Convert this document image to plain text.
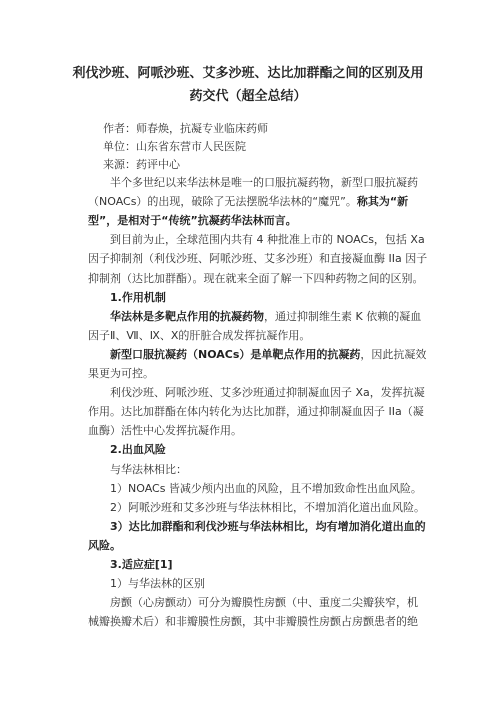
利伐沙班、阿哌沙班、艾多沙班、达比加群酯之间的区别及用
药交代（超全总结）
作者：师春焕，抗凝专业临床药师
单位：山东省东营市人民医院
来源：药评中心
　　半个多世纪以来华法林是唯一的口服抗凝药物，新型口服抗凝药
（NOACs）的出现，破除了无法摆脱华法林的“魔咒”。称其为“新
型”，是相对于“传统”抗凝药华法林而言。
　　到目前为止，全球范围内共有 4 种批准上市的 NOACs，包括 Xa
因子抑制剂（利伐沙班、阿哌沙班、艾多沙班）和直接凝血酶 IIa 因子
抑制剂（达比加群酯）。现在就来全面了解一下四种药物之间的区别。
　　1.作用机制
　　华法林是多靶点作用的抗凝药物，通过抑制维生素 K 依赖的凝血
因子Ⅱ、Ⅶ、Ⅸ、Ⅹ的肝脏合成发挥抗凝作用。
　　新型口服抗凝药（NOACs）是单靶点作用的抗凝药，因此抗凝效
果更为可控。
　　利伐沙班、阿哌沙班、艾多沙班通过抑制凝血因子 Xa，发挥抗凝
作用。达比加群酯在体内转化为达比加群，通过抑制凝血因子 IIa（凝
血酶）活性中心发挥抗凝作用。
　　2.出血风险
　　与华法林相比：
　　1）NOACs 皆减少颅内出血的风险，且不增加致命性出血风险。
　　2）阿哌沙班和艾多沙班与华法林相比，不增加消化道出血风险。
　　3）达比加群酯和利伐沙班与华法林相比，均有增加消化道出血的
风险。
　　3.适应症[1]
　　1）与华法林的区别
　　房颤（心房颤动）可分为瓣膜性房颤（中、重度二尖瓣狭窄，机
械瓣换瓣术后）和非瓣膜性房颤，其中非瓣膜性房颤占房颤患者的绝
